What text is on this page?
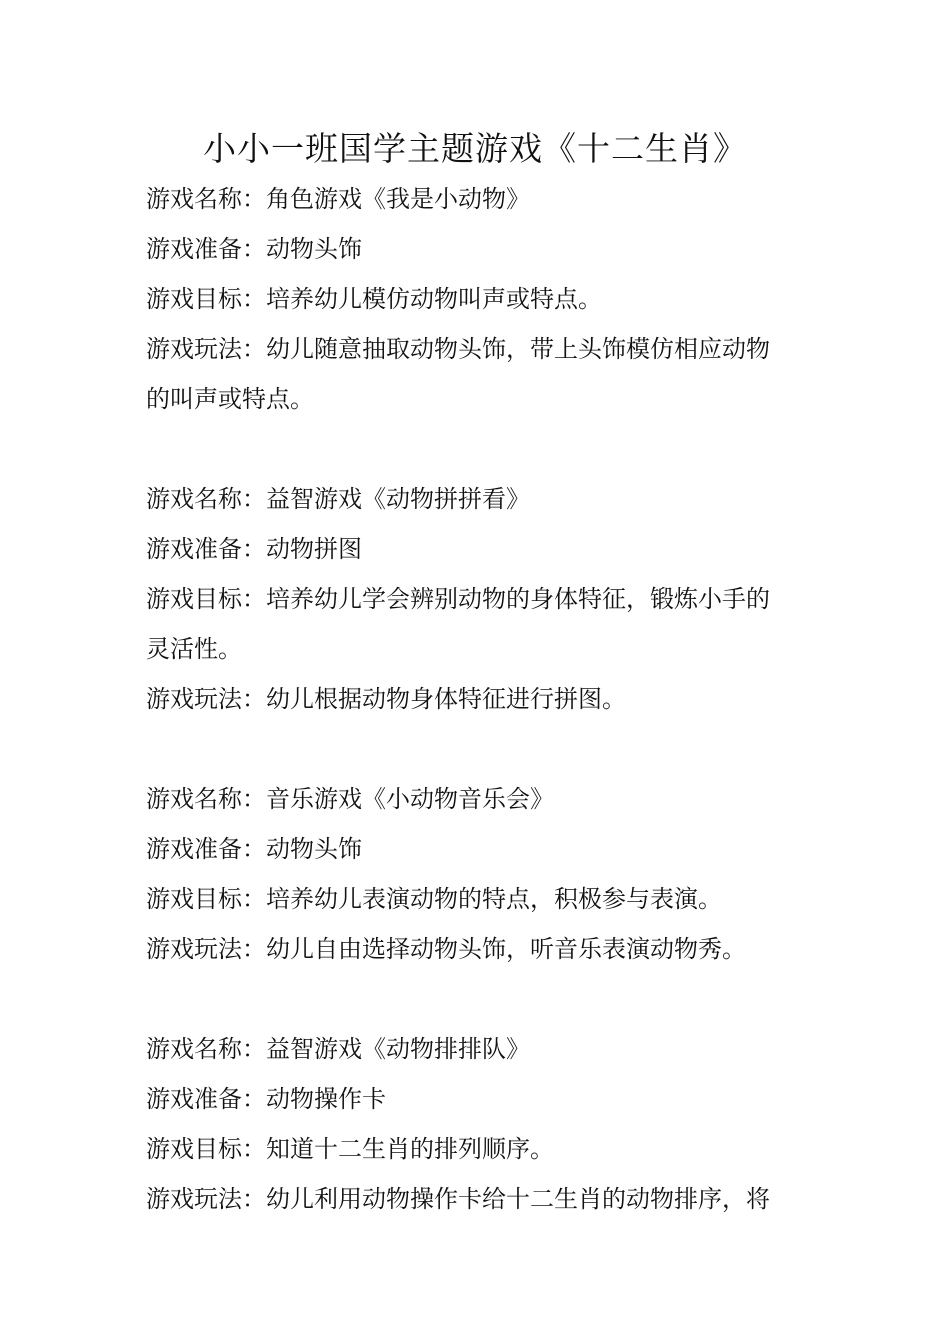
小小一班国学主题游戏《十二生肖》
游戏名称：角色游戏《我是小动物》
游戏准备：动物头饰
游戏目标：培养幼儿模仿动物叫声或特点。
游戏玩法：幼儿随意抽取动物头饰，带上头饰模仿相应动物
的叫声或特点。
游戏名称：益智游戏《动物拼拼看》
游戏准备：动物拼图
游戏目标：培养幼儿学会辨别动物的身体特征，锻炼小手的
灵活性。
游戏玩法：幼儿根据动物身体特征进行拼图。
游戏名称：音乐游戏《小动物音乐会》
游戏准备：动物头饰
游戏目标：培养幼儿表演动物的特点，积极参与表演。
游戏玩法：幼儿自由选择动物头饰，听音乐表演动物秀。
游戏名称：益智游戏《动物排排队》
游戏准备：动物操作卡
游戏目标：知道十二生肖的排列顺序。
游戏玩法：幼儿利用动物操作卡给十二生肖的动物排序，将
